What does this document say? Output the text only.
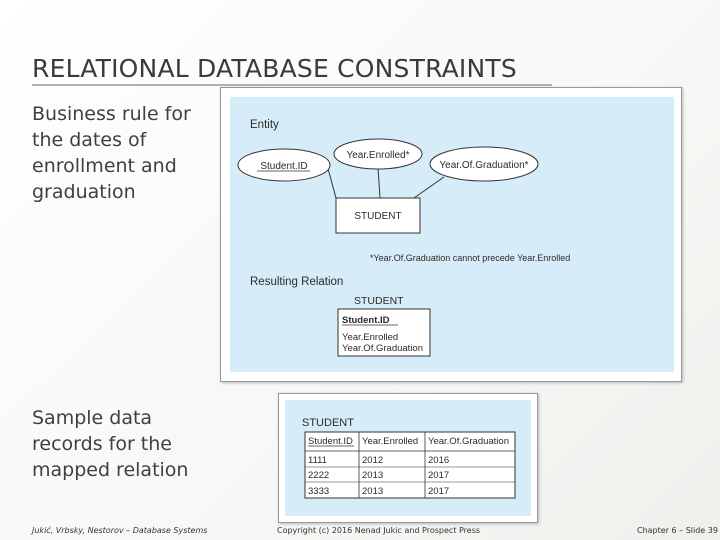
RELATIONAL DATABASE CONSTRAINTS

Business rule for the dates of enrollment and graduation

Sample data records for the mapped relation

Entity
Student.ID
Year.Enrolled*
Year.Of.Graduation*
STUDENT
*Year.Of.Graduation cannot precede Year.Enrolled
Resulting Relation
STUDENT
Student.ID
Year.Enrolled
Year.Of.Graduation
STUDENT
Student.ID Year.Enrolled Year.Of.Graduation
1111	2012	2016
2222	2013	2017
3333	2013	2017
Jukić, Vrbsky, Nestorov – Database Systems	Copyright (c) 2016 Nenad Jukic and Prospect Press	Chapter 6 – Slide 39
